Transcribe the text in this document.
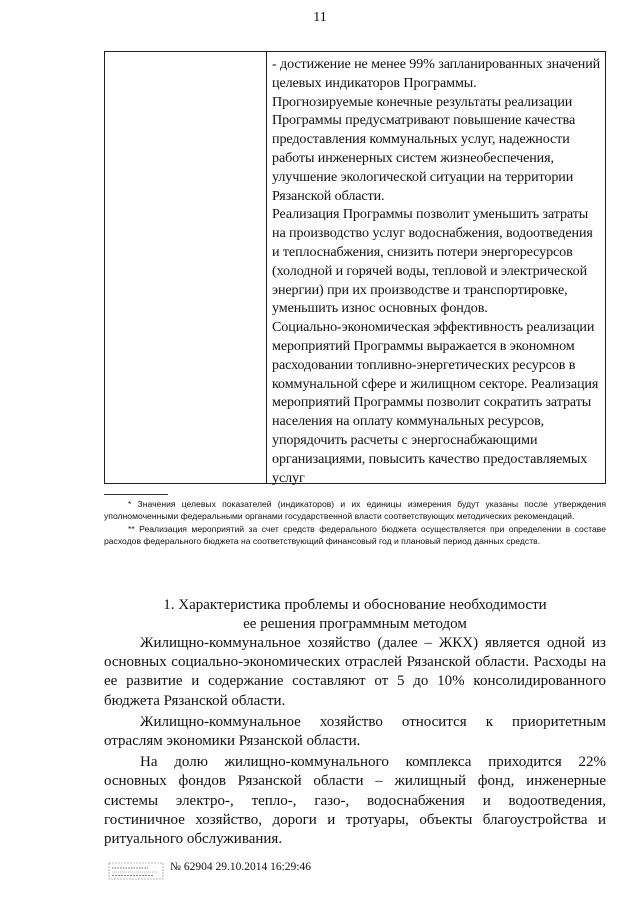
11

- достижение не менее 99% запланированных значений целевых индикаторов Программы.

Прогнозируемые конечные результаты реализации Программы предусматривают повышение качества предоставления коммунальных услуг, надежности работы инженерных систем жизнеобеспечения, улучшение экологической ситуации на территории Рязанской области.

Реализация Программы позволит уменьшить затраты на производство услуг водоснабжения, водоотведения и теплоснабжения, снизить потери энергоресурсов (холодной и горячей воды, тепловой и электрической энергии) при их производстве и транспортировке, уменьшить износ основных фондов.

Социально-экономическая эффективность реализации мероприятий Программы выражается в экономном расходовании топливно-энергетических ресурсов в коммунальной сфере и жилищном секторе. Реализация мероприятий Программы позволит сократить затраты населения на оплату коммунальных ресурсов, упорядочить расчеты с энергоснабжающими организациями, повысить качество предоставляемых услуг

* Значения целевых показателей (индикаторов) и их единицы измерения будут указаны после утверждения уполномоченными федеральными органами государственной власти соответствующих методических рекомендаций.

** Реализация мероприятий за счет средств федерального бюджета осуществляется при определении в составе расходов федерального бюджета на соответствующий финансовый год и плановый период данных средств.

1. Характеристика проблемы и обоснование необходимости
ее решения программным методом

Жилищно-коммунальное хозяйство (далее – ЖКХ) является одной из основных социально-экономических отраслей Рязанской области. Расходы на ее развитие и содержание составляют от 5 до 10% консолидированного бюджета Рязанской области.

Жилищно-коммунальное хозяйство относится к приоритетным отраслям экономики Рязанской области.

На долю жилищно-коммунального комплекса приходится 22% основных фондов Рязанской области – жилищный фонд, инженерные системы электро-, тепло-, газо-, водоснабжения и водоотведения, гостиничное хозяйство, дороги и тротуары, объекты благоустройства и ритуального обслуживания.

№ 62904 29.10.2014 16:29:46
